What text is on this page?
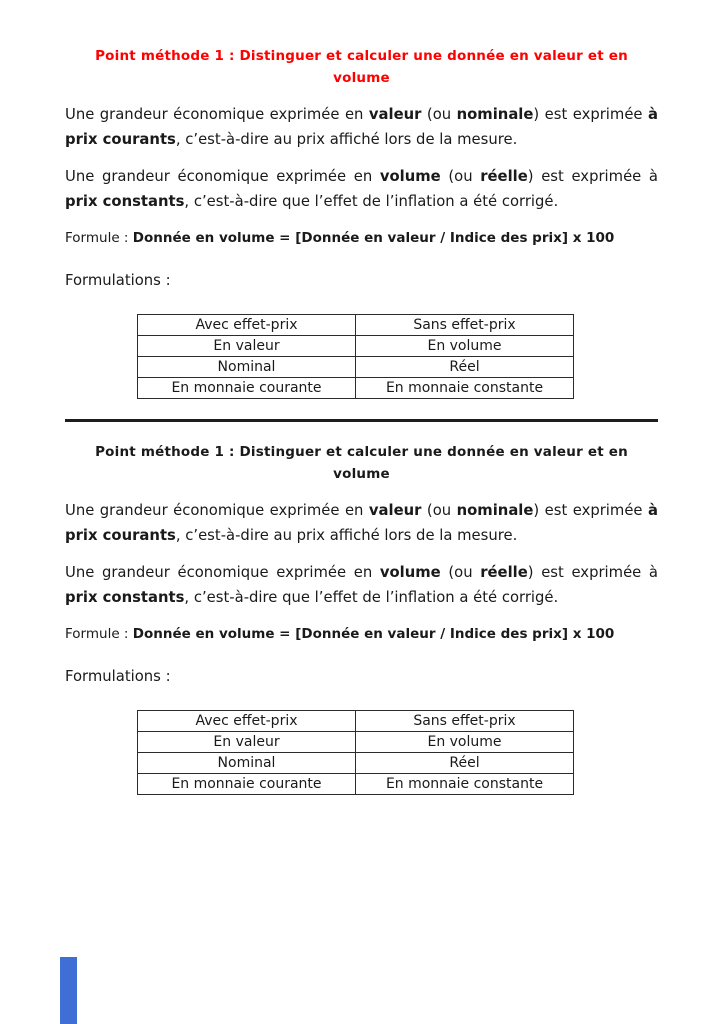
Point méthode 1 : Distinguer et calculer une donnée en valeur et en volume

Une grandeur économique exprimée en valeur (ou nominale) est exprimée à prix courants, c’est-à-dire au prix affiché lors de la mesure.

Une grandeur économique exprimée en volume (ou réelle) est exprimée à prix constants, c’est-à-dire que l’effet de l’inflation a été corrigé.

Formule : Donnée en volume = [Donnée en valeur / Indice des prix] x 100

Formulations :

Avec effet-prix	Sans effet-prix
En valeur	En volume
Nominal	Réel
En monnaie courante	En monnaie constante
Point méthode 1 : Distinguer et calculer une donnée en valeur et en volume

Une grandeur économique exprimée en valeur (ou nominale) est exprimée à prix courants, c’est-à-dire au prix affiché lors de la mesure.

Une grandeur économique exprimée en volume (ou réelle) est exprimée à prix constants, c’est-à-dire que l’effet de l’inflation a été corrigé.

Formule : Donnée en volume = [Donnée en valeur / Indice des prix] x 100

Formulations :

Avec effet-prix	Sans effet-prix
En valeur	En volume
Nominal	Réel
En monnaie courante	En monnaie constante
